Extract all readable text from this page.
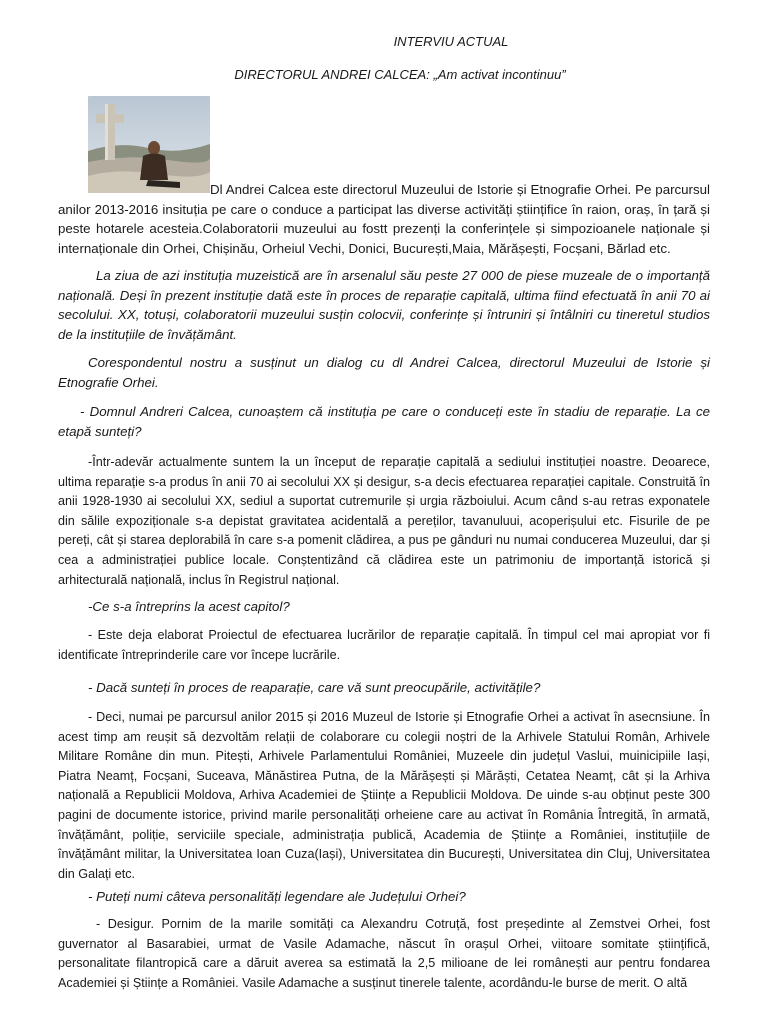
INTERVIU ACTUAL
DIRECTORUL ANDREI CALCEA: „Am activat incontinuu”

Dl Andrei Calcea este directorul Muzeului de Istorie și Etnografie Orhei. Pe parcursul anilor 2013-2016 insituția pe care o conduce a participat las diverse activități științifice în raion, oraș, în țară și peste hotarele acesteia.Colaboratorii muzeului au fostt prezenți la conferințele și simpozioanele naționale și internaționale din Orhei, Chișinău, Orheiul Vechi, Donici, București,Maia, Mărășești, Focșani, Bărlad etc.

La ziua de azi instituția muzeistică are în arsenalul său peste 27 000 de piese muzeale de o importanță națională. Deși în prezent instituție dată este în proces de reparație capitală, ultima fiind efectuată în anii 70 ai secolului. XX, totuși, colaboratorii muzeului susțin colocvii, conferințe și întruniri și întâlniri cu tineretul studios de la instituțiile de învățământ.

Corespondentul nostru a susținut un dialog cu dl Andrei Calcea, directorul Muzeului de Istorie și Etnografie Orhei.

- Domnul Andreri Calcea, cunoaștem că instituția pe care o conduceți este în stadiu de reparație. La ce etapă sunteți?

-Într-adevăr actualmente suntem la un început de reparație capitală a sediului instituției noastre. Deoarece, ultima reparație s-a produs în anii 70 ai secolului XX și desigur, s-a decis efectuarea reparației capitale. Construită în anii 1928-1930 ai secolului XX, sediul a suportat cutremurile și urgia războiului. Acum când s-au retras exponatele din sălile expoziționale s-a depistat gravitatea acidentală a pereților, tavanuluui, acoperișului etc. Fisurile de pe pereți, cât și starea deplorabilă în care s-a pomenit clădirea, a pus pe gânduri nu numai conducerea Muzeului, dar și cea a administrației publice locale. Conștentizând că clădirea este un patrimoniu de importanță istorică și arhitecturală națională, inclus în Registrul național.

-Ce s-a întreprins la acest capitol?

- Este deja elaborat Proiectul de efectuarea lucrărilor de reparație capitală. În timpul cel mai apropiat vor fi identificate întreprinderile care vor începe lucrările.

- Dacă sunteți în proces de reaparație, care vă sunt preocupările, activitățile?

- Deci, numai pe parcursul anilor 2015 și 2016 Muzeul de Istorie și Etnografie Orhei a activat în asecnsiune. În acest timp am reușit să dezvoltăm relații de colaborare cu colegii noștri de la Arhivele Statului Român, Arhivele Militare Române din mun. Pitești, Arhivele Parlamentului României, Muzeele din județul Vaslui, muinicipiile Iași, Piatra Neamț, Focșani, Suceava, Mănăstirea Putna, de la Mărășești și Mărăști, Cetatea Neamț, cât și la Arhiva națională a Republicii Moldova, Arhiva Academiei de Științe a Republicii Moldova. De uinde s-au obținut peste 300 pagini de documente istorice, privind marile personalități orheiene care au activat în România Întregită, în armată, învățământ, poliție, serviciile speciale, administrația publică, Academia de Științe a României, instituțiile de învățământ militar, la Universitatea Ioan Cuza(Iași), Universitatea din București, Universitatea din Cluj, Universitatea din Galați etc.

- Puteți numi câteva personalități legendare ale Județului Orhei?

- Desigur. Pornim de la marile somități ca Alexandru Cotruță, fost președinte al Zemstvei Orhei, fost guvernator al Basarabiei, urmat de Vasile Adamache, născut în orașul Orhei, viitoare somitate științifică, personalitate filantropică care a dăruit averea sa estimată la 2,5 milioane de lei românești aur pentru fondarea Academiei și Științe a României. Vasile Adamache a susținut tinerele talente, acordându-le burse de merit. O altă
